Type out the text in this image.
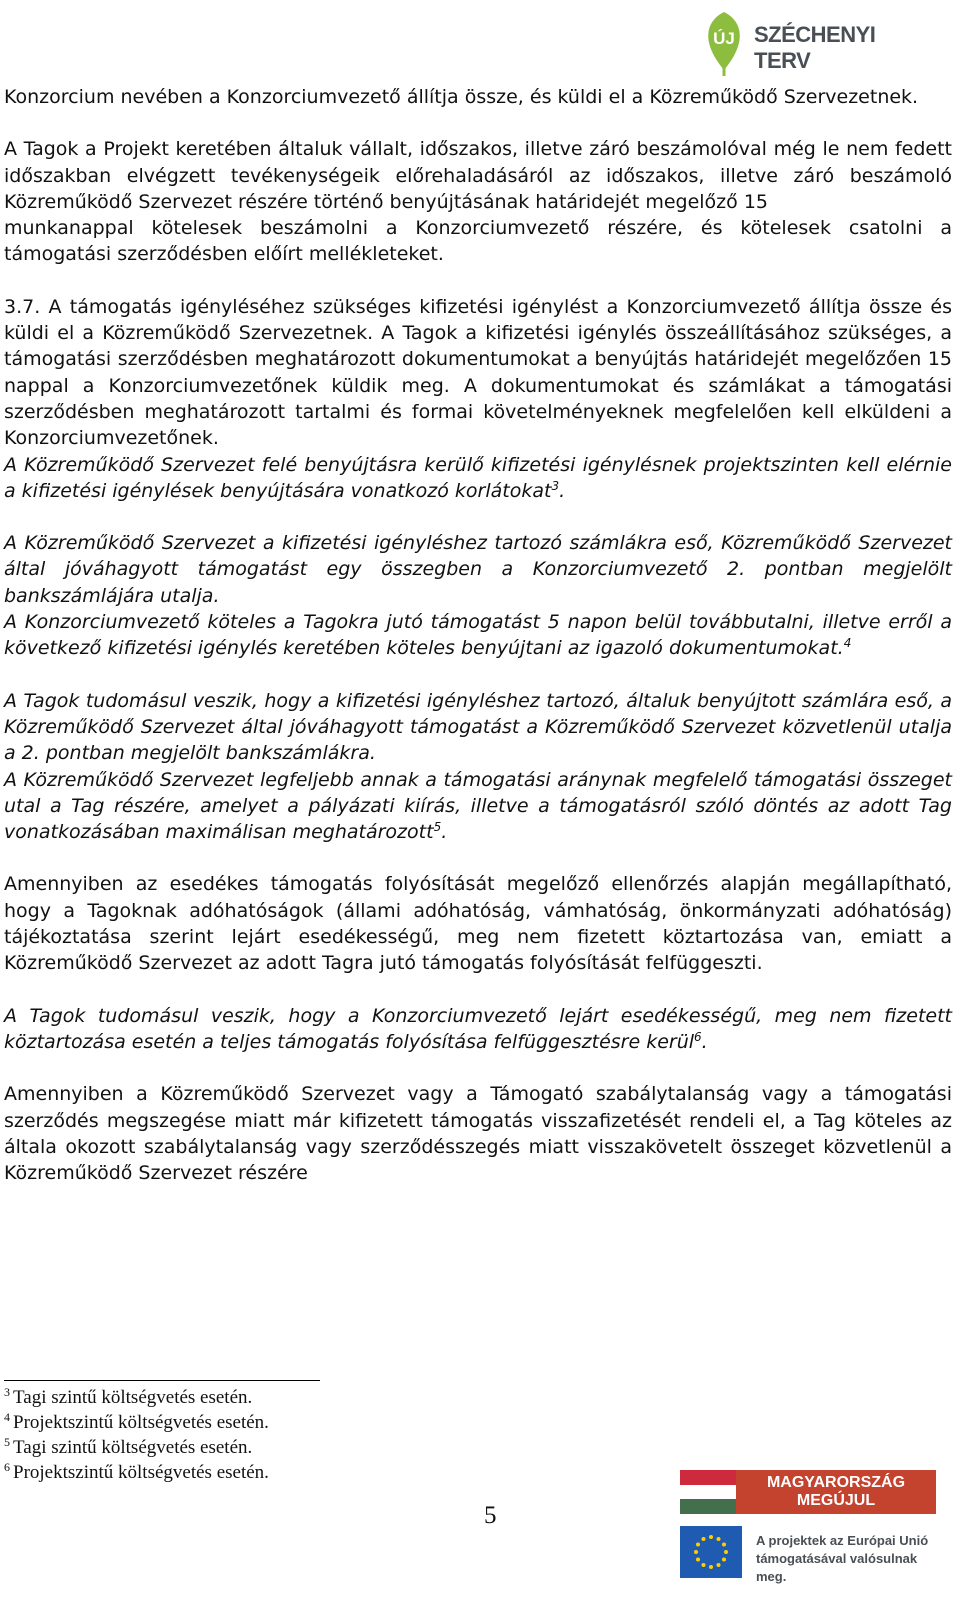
ÚJ SZÉCHENYI TERV

Konzorcium nevében a Konzorciumvezető állítja össze, és küldi el a Közreműködő Szervezetnek.

A Tagok a Projekt keretében általuk vállalt, időszakos, illetve záró beszámolóval még le nem fedett időszakban elvégzett tevékenységeik előrehaladásáról az időszakos, illetve záró beszámoló Közreműködő Szervezet részére történő benyújtásának határidejét megelőző 15

munkanappal kötelesek beszámolni a Konzorciumvezető részére, és kötelesek csatolni a támogatási szerződésben előírt mellékleteket.

3.7. A támogatás igényléséhez szükséges kifizetési igénylést a Konzorciumvezető állítja össze és küldi el a Közreműködő Szervezetnek. A Tagok a kifizetési igénylés összeállításához szükséges, a támogatási szerződésben meghatározott dokumentumokat a benyújtás határidejét megelőzően 15 nappal a Konzorciumvezetőnek küldik meg. A dokumentumokat és számlákat a támogatási szerződésben meghatározott tartalmi és formai követelményeknek megfelelően kell elküldeni a Konzorciumvezetőnek.

A Közreműködő Szervezet felé benyújtásra kerülő kifizetési igénylésnek projektszinten kell elérnie a kifizetési igénylések benyújtására vonatkozó korlátokat$^3$.

A Közreműködő Szervezet a kifizetési igényléshez tartozó számlákra eső, Közreműködő Szervezet által jóváhagyott támogatást egy összegben a Konzorciumvezető 2. pontban megjelölt bankszámlájára utalja.

A Konzorciumvezető köteles a Tagokra jutó támogatást 5 napon belül továbbutalni, illetve erről a következő kifizetési igénylés keretében köteles benyújtani az igazoló dokumentumokat.$^4$

A Tagok tudomásul veszik, hogy a kifizetési igényléshez tartozó, általuk benyújtott számlára eső, a Közreműködő Szervezet által jóváhagyott támogatást a Közreműködő Szervezet közvetlenül utalja a 2. pontban megjelölt bankszámlákra.

A Közreműködő Szervezet legfeljebb annak a támogatási aránynak megfelelő támogatási összeget utal a Tag részére, amelyet a pályázati kiírás, illetve a támogatásról szóló döntés az adott Tag vonatkozásában maximálisan meghatározott$^5$.

Amennyiben az esedékes támogatás folyósítását megelőző ellenőrzés alapján megállapítható, hogy a Tagoknak adóhatóságok (állami adóhatóság, vámhatóság, önkormányzati adóhatóság) tájékoztatása szerint lejárt esedékességű, meg nem fizetett köztartozása van, emiatt a Közreműködő Szervezet az adott Tagra jutó támogatás folyósítását felfüggeszti.

A Tagok tudomásul veszik, hogy a Konzorciumvezető lejárt esedékességű, meg nem fizetett köztartozása esetén a teljes támogatás folyósítása felfüggesztésre kerül$^6$.

Amennyiben a Közreműködő Szervezet vagy a Támogató szabálytalanság vagy a támogatási szerződés megszegése miatt már kifizetett támogatás visszafizetését rendeli el, a Tag köteles az általa okozott szabálytalanság vagy szerződésszegés miatt visszakövetelt összeget közvetlenül a Közreműködő Szervezet részére

$^3$ Tagi szintű költségvetés esetén.
$^4$ Projektszintű költségvetés esetén.
$^5$ Tagi szintű költségvetés esetén.
$^6$ Projektszintű költségvetés esetén.
5
MAGYARORSZÁG MEGÚJUL
A projektek az Európai Unió
támogatásával valósulnak meg.
